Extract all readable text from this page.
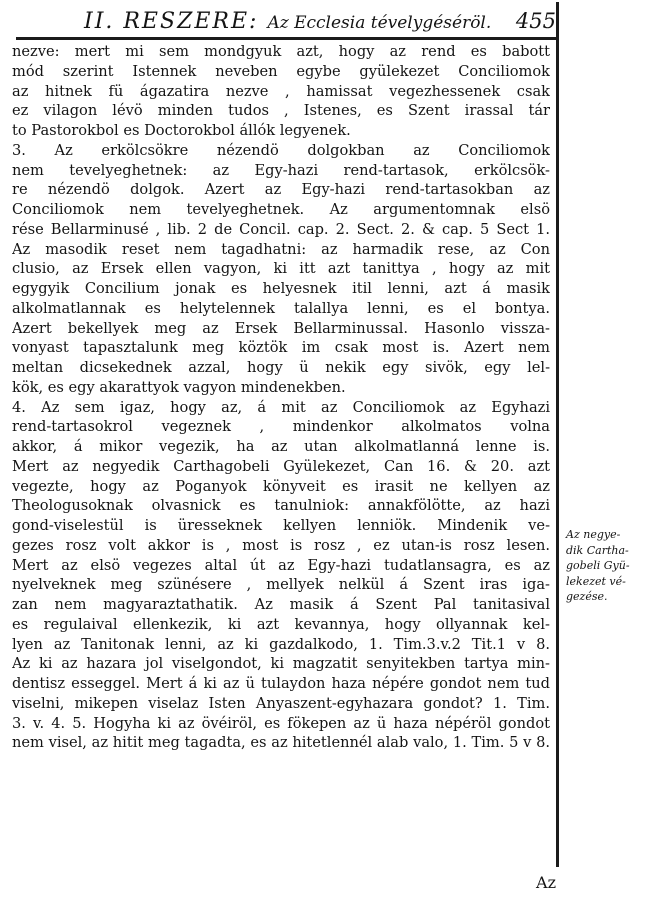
II. RESZERE: Az Ecclesia tévelygéséröl. 455
nezve: mert mi sem mondgyuk azt, hogy az rend es babott
mód szerint Istennek neveben egybe gyülekezet Conciliomok
az hitnek fü ágazatira nezve , hamissat vegezhessenek csak
ez vilagon lévö minden tudos , Istenes, es Szent irassal tár
to Pastorokbol es Doctorokbol állók legyenek.
3. Az erkölcsökre nézendö dolgokban az Conciliomok
nem tevelyeghetnek: az Egy-hazi rend-tartasok, erkölcsök-
re nézendö dolgok. Azert az Egy-hazi rend-tartasokban az
Conciliomok nem tevelyeghetnek. Az argumentomnak elsö
rése Bellarminusé , lib. 2 de Concil. cap. 2. Sect. 2. & cap. 5 Sect 1.
Az masodik reset nem tagadhatni: az harmadik rese, az Con
clusio, az Ersek ellen vagyon, ki itt azt tanittya , hogy az mit
egygyik Concilium jonak es helyesnek itil lenni, azt á masik
alkolmatlannak es helytelennek talallya lenni, es el bontya.
Azert bekellyek meg az Ersek Bellarminussal. Hasonlo vissza-
vonyast tapasztalunk meg köztök im csak most is. Azert nem
meltan dicsekednek azzal, hogy ü nekik egy sivök, egy lel-
kök, es egy akarattyok vagyon mindenekben.
4. Az sem igaz, hogy az, á mit az Conciliomok az Egyhazi
rend-tartasokrol vegeznek , mindenkor alkolmatos volna
akkor, á mikor vegezik, ha az utan alkolmatlanná lenne is.
Mert az negyedik Carthagobeli Gyülekezet, Can 16. & 20. azt
vegezte, hogy az Poganyok könyveit es irasit ne kellyen az
Theologusoknak olvasnick es tanulniok: annakfölötte, az hazi
gond-viselestül is üresseknek kellyen lenniök. Mindenik ve-
gezes rosz volt akkor is , most is rosz , ez utan-is rosz lesen.
Mert az elsö vegezes altal út az Egy-hazi tudatlansagra, es az
nyelveknek meg szünésere , mellyek nelkül á Szent iras iga-
zan nem magyaraztathatik. Az masik á Szent Pal tanitasival
es regulaival ellenkezik, ki azt kevannya, hogy ollyannak kel-
lyen az Tanitonak lenni, az ki gazdalkodo, 1. Tim.3.v.2 Tit.1 v 8.
Az ki az hazara jol viselgondot, ki magzatit senyitekben tartya min-
dentisz esseggel. Mert á ki az ü tulaydon haza népére gondot nem tud
viselni, mikepen viselaz Isten Anyaszent-egyhazara gondot? 1. Tim.
3. v. 4. 5. Hogyha ki az övéiröl, es fökepen az ü haza népéröl gondot
nem visel, az hitit meg tagadta, es az hitetlennél alab valo, 1. Tim. 5 v 8.
Az negye-
dik Cartha-
gobeli Gyü-
lekezet vé-
gezése.
Az
